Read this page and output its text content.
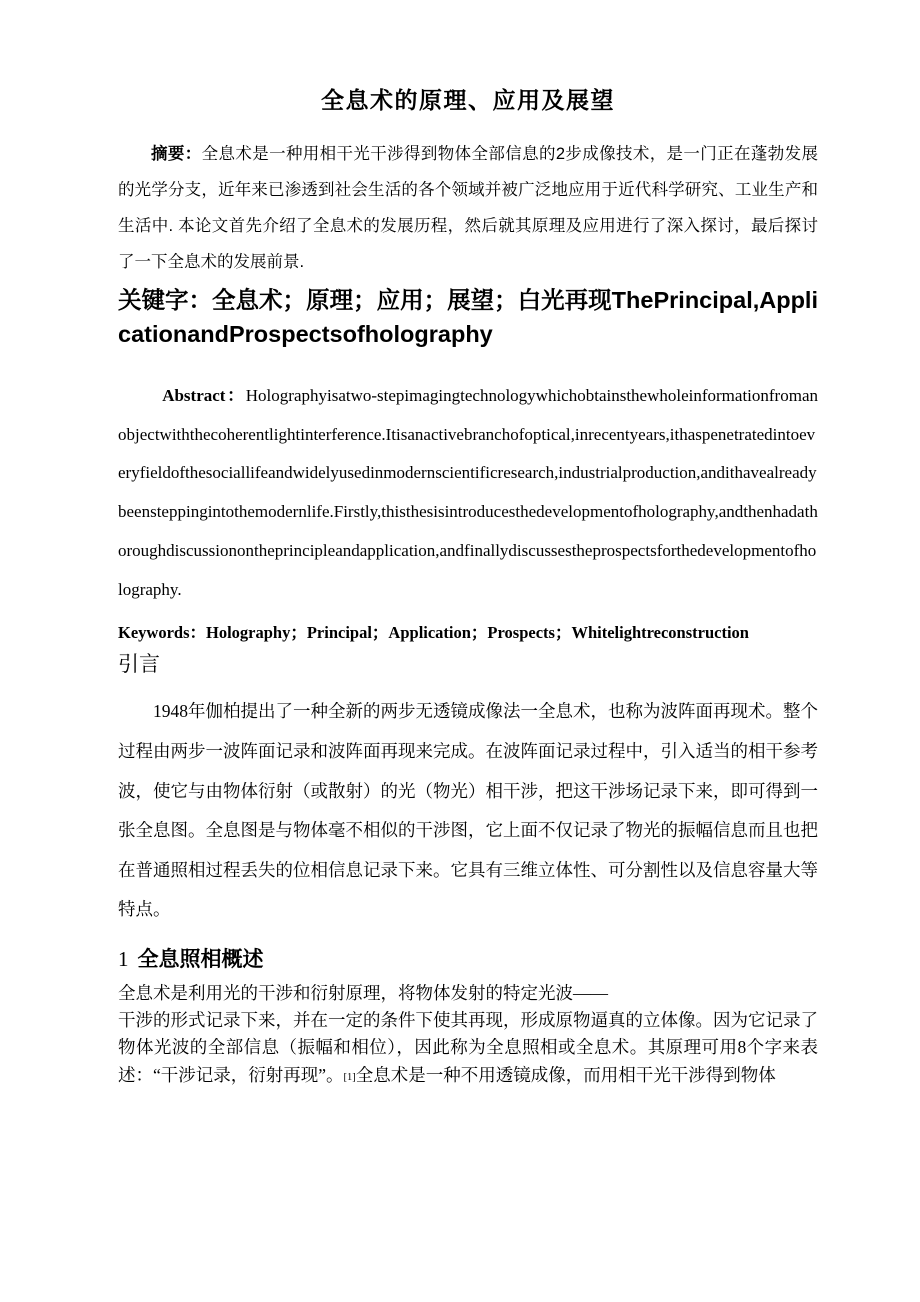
全息术的原理、应用及展望

摘要：全息术是一种用相干光干涉得到物体全部信息的2步成像技术，是一门正在蓬勃发展的光学分支，近年来已渗透到社会生活的各个领域并被广泛地应用于近代科学研究、工业生产和生活中. 本论文首先介绍了全息术的发展历程，然后就其原理及应用进行了深入探讨，最后探讨了一下全息术的发展前景.

关键字：全息术；原理；应用；展望；白光再现ThePrincipal,ApplicationandProspectsofholography

Abstract：Holographyisatwo-stepimagingtechnologywhichobtainsthewholeinformationfromanobjectwiththecoherentlightinterference.Itisanactivebranchofoptical,inrecentyears,ithaspenetratedintoeveryfieldofthesociallifeandwidelyusedinmodernscientificresearch,industrialproduction,andithavealreadybeensteppingintothemodernlife.Firstly,thisthesisintroducesthedevelopmentofholography,andthenhadathoroughdiscussionontheprincipleandapplication,andfinallydiscussestheprospectsforthedevelopmentofholography.

Keywords：Holography；Principal；Application；Prospects；Whitelightreconstruction

引言

1948年伽柏提出了一种全新的两步无透镜成像法一全息术，也称为波阵面再现术。整个过程由两步一波阵面记录和波阵面再现来完成。在波阵面记录过程中，引入适当的相干参考波，使它与由物体衍射（或散射）的光（物光）相干涉，把这干涉场记录下来，即可得到一张全息图。全息图是与物体毫不相似的干涉图，它上面不仅记录了物光的振幅信息而且也把在普通照相过程丢失的位相信息记录下来。它具有三维立体性、可分割性以及信息容量大等特点。

1 全息照相概述

全息术是利用光的干涉和衍射原理，将物体发射的特定光波——
干涉的形式记录下来，并在一定的条件下使其再现，形成原物逼真的立体像。因为它记录了物体光波的全部信息（振幅和相位），因此称为全息照相或全息术。其原理可用8个字来表述：“干涉记录，衍射再现”。[1]全息术是一种不用透镜成像，而用相干光干涉得到物体
